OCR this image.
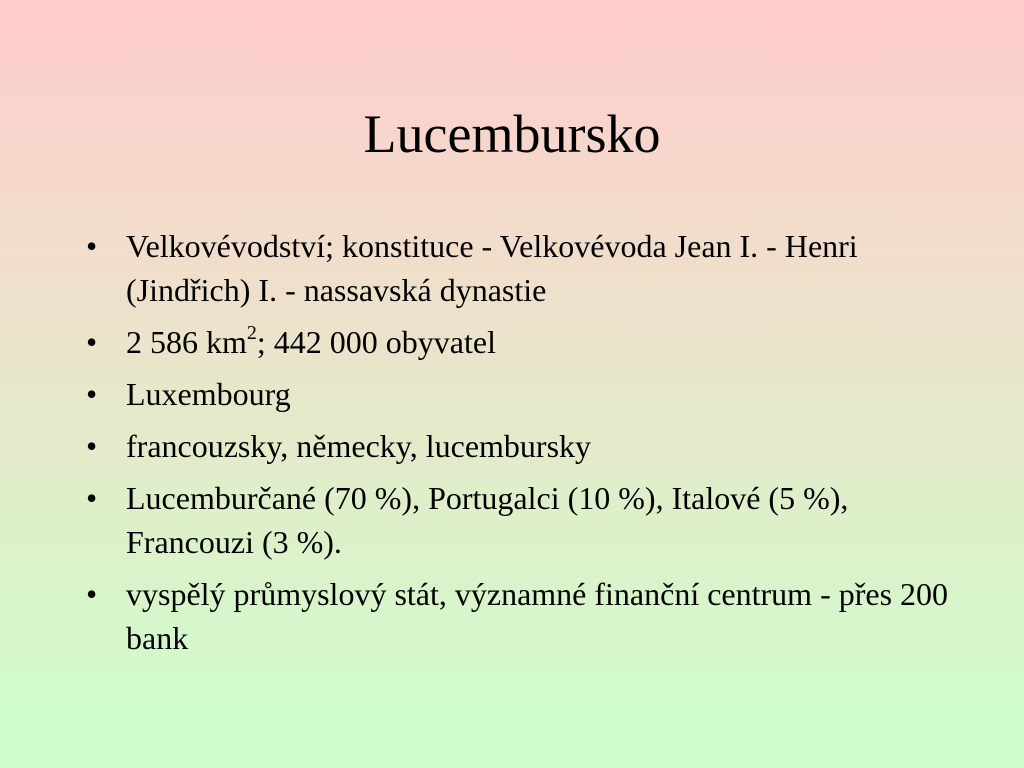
Lucembursko
• Velkovévodství; konstituce - Velkovévoda Jean I. - Henri (Jindřich) I. - nassavská dynastie
• 2 586 $km^2$; 442 000 obyvatel
• Luxembourg
• francouzsky, německy, lucembursky
• Lucemburčané (70 %), Portugalci (10 %), Italové (5 %), Francouzi (3 %).
• vyspělý průmyslový stát, významné finanční centrum - přes 200 bank
